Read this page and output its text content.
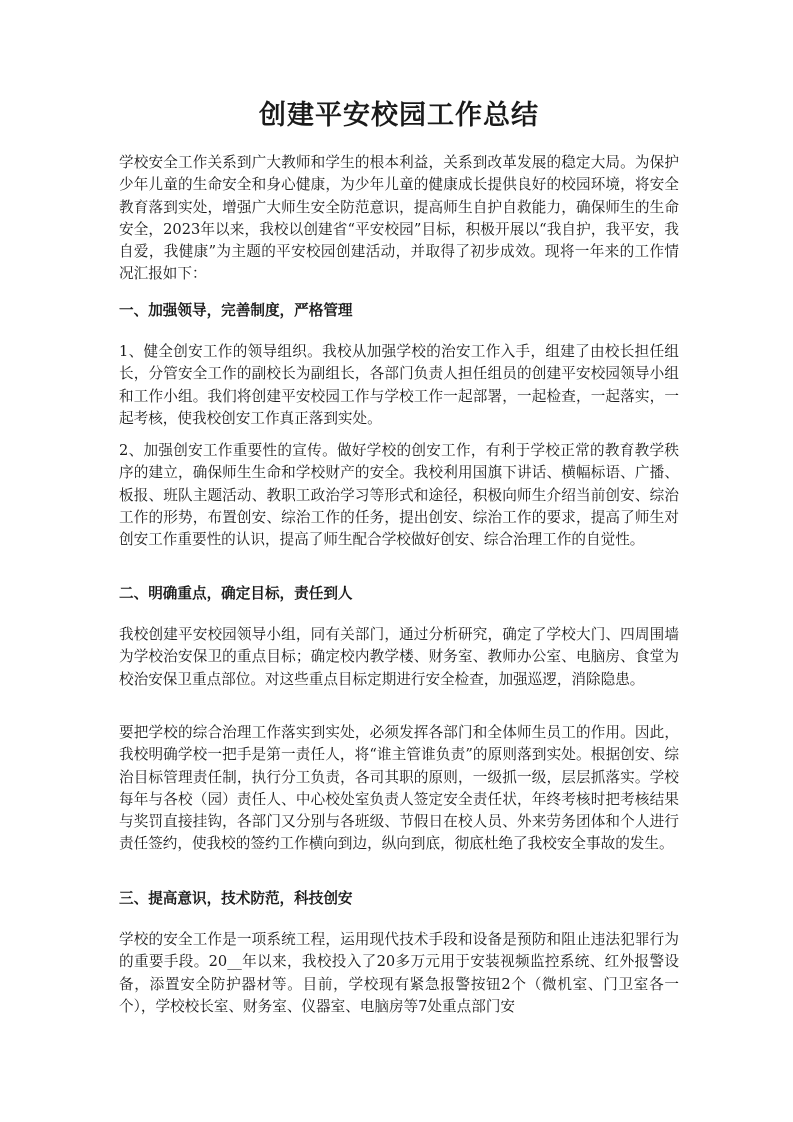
创建平安校园工作总结

学校安全工作关系到广大教师和学生的根本利益，关系到改革发展的稳定大局。为保护少年儿童的生命安全和身心健康，为少年儿童的健康成长提供良好的校园环境，将安全教育落到实处，增强广大师生安全防范意识，提高师生自护自救能力，确保师生的生命安全，2023年以来，我校以创建省“平安校园”目标，积极开展以“我自护，我平安，我自爱，我健康”为主题的平安校园创建活动，并取得了初步成效。现将一年来的工作情况汇报如下：

一、加强领导，完善制度，严格管理

1、健全创安工作的领导组织。我校从加强学校的治安工作入手，组建了由校长担任组长，分管安全工作的副校长为副组长，各部门负责人担任组员的创建平安校园领导小组和工作小组。我们将创建平安校园工作与学校工作一起部署，一起检查，一起落实，一起考核，使我校创安工作真正落到实处。

2、加强创安工作重要性的宣传。做好学校的创安工作，有利于学校正常的教育教学秩序的建立，确保师生生命和学校财产的安全。我校利用国旗下讲话、横幅标语、广播、板报、班队主题活动、教职工政治学习等形式和途径，积极向师生介绍当前创安、综治工作的形势，布置创安、综治工作的任务，提出创安、综治工作的要求，提高了师生对创安工作重要性的认识，提高了师生配合学校做好创安、综合治理工作的自觉性。

二、明确重点，确定目标，责任到人

我校创建平安校园领导小组，同有关部门，通过分析研究，确定了学校大门、四周围墙为学校治安保卫的重点目标；确定校内教学楼、财务室、教师办公室、电脑房、食堂为校治安保卫重点部位。对这些重点目标定期进行安全检查，加强巡逻，消除隐患。

要把学校的综合治理工作落实到实处，必须发挥各部门和全体师生员工的作用。因此，我校明确学校一把手是第一责任人，将“谁主管谁负责”的原则落到实处。根据创安、综治目标管理责任制，执行分工负责，各司其职的原则，一级抓一级，层层抓落实。学校每年与各校（园）责任人、中心校处室负责人签定安全责任状，年终考核时把考核结果与奖罚直接挂钩，各部门又分别与各班级、节假日在校人员、外来劳务团体和个人进行责任签约，使我校的签约工作横向到边，纵向到底，彻底杜绝了我校安全事故的发生。

三、提高意识，技术防范，科技创安

学校的安全工作是一项系统工程，运用现代技术手段和设备是预防和阻止违法犯罪行为的重要手段。20__年以来，我校投入了20多万元用于安装视频监控系统、红外报警设备，添置安全防护器材等。目前，学校现有紧急报警按钮2个（微机室、门卫室各一个），学校校长室、财务室、仪器室、电脑房等7处重点部门安
